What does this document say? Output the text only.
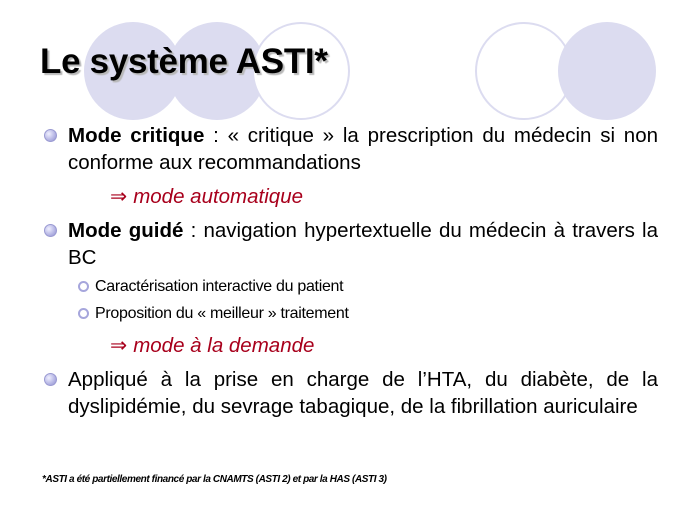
Le système ASTI*
Mode critique : « critique » la prescription du médecin si non conforme aux recommandations
⇒ mode automatique
Mode guidé : navigation hypertextuelle du médecin à travers la BC
Caractérisation interactive du patient
Proposition du « meilleur » traitement
⇒ mode à la demande
Appliqué à la prise en charge de l’HTA, du diabète, de la dyslipidémie, du sevrage tabagique, de la fibrillation auriculaire
*ASTI a été partiellement financé par la CNAMTS (ASTI 2) et par la HAS (ASTI 3)
